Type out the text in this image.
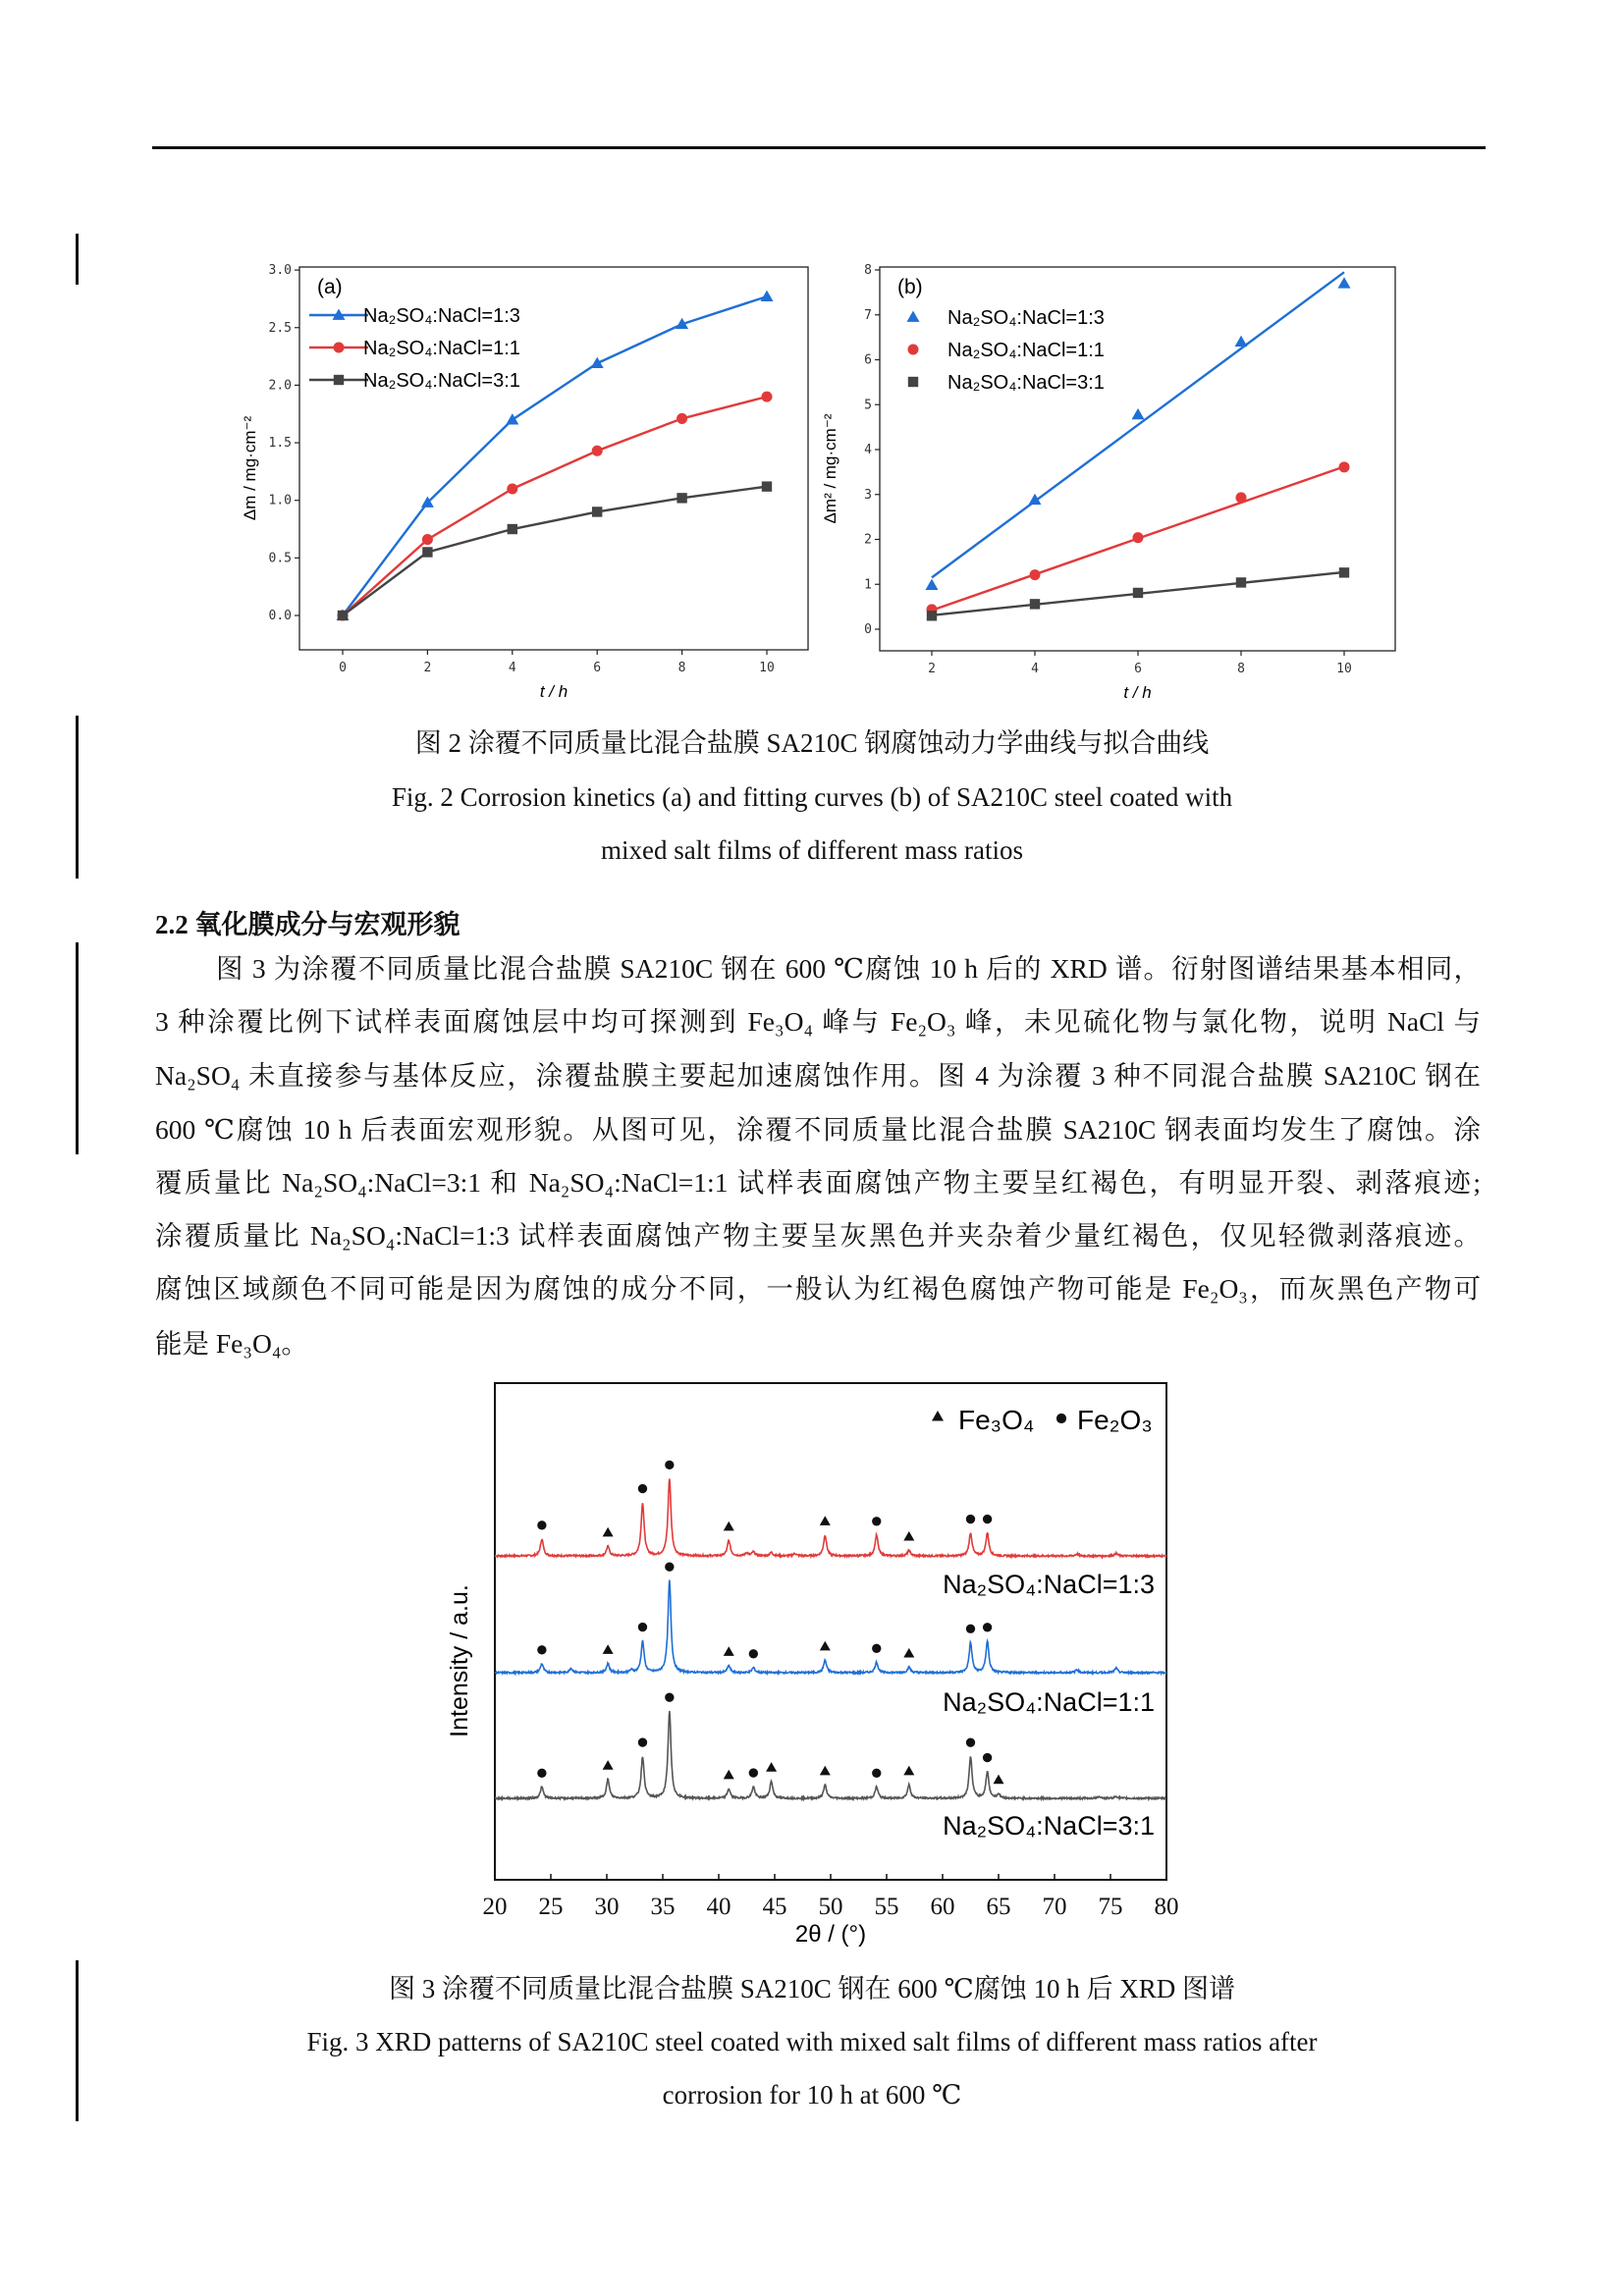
0.0
0.5
1.0
1.5
2.0
2.5
3.0
0	2	4	6	8	10
t / h
Δm / mg·cm⁻²
(a)
Na₂SO₄:NaCl=1:3
Na₂SO₄:NaCl=1:1
Na₂SO₄:NaCl=3:1
0
1
2
3
4
5
6
7
8
2	4	6	8	10
t / h
Δm² / mg·cm⁻²
(b)
Na₂SO₄:NaCl=1:3
Na₂SO₄:NaCl=1:1
Na₂SO₄:NaCl=3:1
20 25 30 35 40 45 50 55 60 65 70 75 80
2θ / (°)
Intensity / a.u.
Fe₃O₄ Fe₂O₃
Na₂SO₄:NaCl=1:3
Na₂SO₄:NaCl=1:1
Na₂SO₄:NaCl=3:1
图 2 涂覆不同质量比混合盐膜 SA210C 钢腐蚀动力学曲线与拟合曲线
Fig. 2 Corrosion kinetics (a) and fitting curves (b) of SA210C steel coated with
mixed salt films of different mass ratios
2.2 氧化膜成分与宏观形貌
图 3 为涂覆不同质量比混合盐膜 SA210C 钢在 600 ℃腐蚀 10 h 后的 XRD 谱。衍射图谱结果基本相同，
3 种涂覆比例下试样表面腐蚀层中均可探测到 Fe₃O₄ 峰与 Fe₂O₃ 峰，未见硫化物与氯化物，说明 NaCl 与
Na₂SO₄ 未直接参与基体反应，涂覆盐膜主要起加速腐蚀作用。图 4 为涂覆 3 种不同混合盐膜 SA210C 钢在
600 ℃腐蚀 10 h 后表面宏观形貌。从图可见，涂覆不同质量比混合盐膜 SA210C 钢表面均发生了腐蚀。涂
覆质量比 Na₂SO₄:NaCl=3:1 和 Na₂SO₄:NaCl=1:1 试样表面腐蚀产物主要呈红褐色，有明显开裂、剥落痕迹;
涂覆质量比 Na₂SO₄:NaCl=1:3 试样表面腐蚀产物主要呈灰黑色并夹杂着少量红褐色，仅见轻微剥落痕迹。
腐蚀区域颜色不同可能是因为腐蚀的成分不同，一般认为红褐色腐蚀产物可能是 Fe₂O₃，而灰黑色产物可
能是 Fe₃O₄。
图 3 涂覆不同质量比混合盐膜 SA210C 钢在 600 ℃腐蚀 10 h 后 XRD 图谱
Fig. 3 XRD patterns of SA210C steel coated with mixed salt films of different mass ratios after
corrosion for 10 h at 600 ℃
